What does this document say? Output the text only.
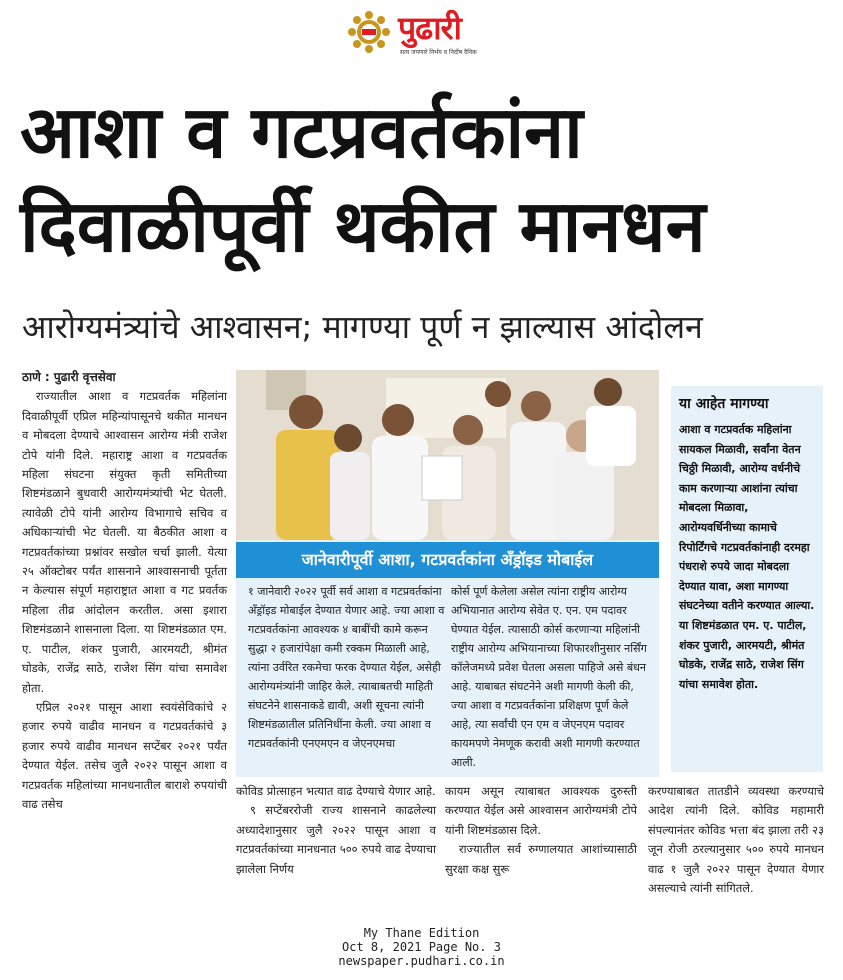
पुढारी
सत्य जपणारे निर्भय व निर्दोष दैनिक
आशा व गटप्रवर्तकांना
दिवाळीपूर्वी थकीत मानधन
आरोग्यमंत्र्यांचे आश्वासन; मागण्या पूर्ण न झाल्यास आंदोलन

ठाणे : पुढारी वृत्तसेवा

राज्यातील आशा व गटप्रवर्तक महिलांना दिवाळीपूर्वी एप्रिल महिन्यांपासूनचे थकीत मानधन व मोबदला देण्याचे आश्वासन आरोग्य मंत्री राजेश टोपे यांनी दिले. महाराष्ट्र आशा व गटप्रवर्तक महिला संघटना संयुक्त कृती समितीच्या शिष्टमंडळाने बुधवारी आरोग्यमंत्र्यांची भेट घेतली. त्यावेळी टोपे यांनी आरोग्य विभागाचे सचिव व अधिकाऱ्यांची भेट घेतली. या बैठकीत आशा व गटप्रवर्तकांच्या प्रश्नांवर सखोल चर्चा झाली. येत्या २५ ऑक्टोबर पर्यंत शासनाने आश्वासनाची पूर्तता न केल्यास संपूर्ण महाराष्ट्रात आशा व गट प्रवर्तक महिला तीव्र आंदोलन करतील. असा इशारा शिष्टमंडळाने शासनाला दिला. या शिष्टमंडळात एम. ए. पाटील, शंकर पुजारी, आरमयटी, श्रीमंत घोडके, राजेंद्र साठे, राजेश सिंग यांचा समावेश होता.

एप्रिल २०२१ पासून आशा स्वयंसेविकांचे २ हजार रुपये वाढीव मानधन व गटप्रवर्तकांचे ३ हजार रुपये वाढीव मानधन सप्टेंबर २०२१ पर्यंत देण्यात येईल. तसेच जुलै २०२२ पासून आशा व गटप्रवर्तक महिलांच्या मानधनातील बाराशे रुपयांची वाढ तसेच

जानेवारीपूर्वी आशा, गटप्रवर्तकांना अँड्रॉइड मोबाईल

१ जानेवारी २०२२ पूर्वी सर्व आशा व गटप्रवर्तकांना अँड्रॉइड मोबाईल देण्यात येणार आहे. ज्या आशा व गटप्रवर्तकांना आवश्यक ४ बाबींची कामे करून सुद्धा २ हजारांपेक्षा कमी रक्कम मिळाली आहे, त्यांना उर्वरित रकमेचा फरक देण्यात येईल, असेही आरोग्यमंत्र्यांनी जाहिर केले. त्याबाबतची माहिती संघटनेने शासनाकडे द्यावी, अशी सूचना त्यांनी शिष्टमंडळातील प्रतिनिधींना केली. ज्या आशा व गटप्रवर्तकांनी एनएमएन व जेएनएमचा

कोर्स पूर्ण केलेला असेल त्यांना राष्ट्रीय आरोग्य अभियानात आरोग्य सेवेत ए. एन. एम पदावर घेण्यात येईल. त्यासाठी कोर्स करणाऱ्या महिलांनी राष्ट्रीय आरोग्य अभियानाच्या शिफारशीनुसार नर्सिंग कॉलेजमध्ये प्रवेश घेतला असला पाहिजे असे बंधन आहे. याबाबत संघटनेने अशी मागणी केली की, ज्या आशा व गटप्रवर्तकांना प्रशिक्षण पूर्ण केले आहे, त्या सर्वांची एन एम व जेएनएम पदावर कायमपणे नेमणूक करावी अशी मागणी करण्यात आली.

या आहेत मागण्या
आशा व गटप्रवर्तक महिलांना सायकल मिळावी, सर्वांना वेतन चिठ्ठी मिळावी, आरोग्य वर्धनीचे काम करणाऱ्या आशांना त्यांचा मोबदला मिळावा, आरोग्यवर्धिनीच्या कामाचे रिपोर्टिंगचे गटप्रवर्तकांनाही दरमहा पंधराशे रुपये जादा मोबदला देण्यात यावा, अशा मागण्या संघटनेच्या वतीने करण्यात आल्या. या शिष्टमंडळात एम. ए. पाटील, शंकर पुजारी, आरमयटी, श्रीमंत घोडके, राजेंद्र साठे, राजेश सिंग यांचा समावेश होता.

कोविड प्रोत्साहन भत्यात वाढ देण्याचे येणार आहे.

९ सप्टेंबररोजी राज्य शासनाने काढलेल्या अध्यादेशानुसार जुलै २०२२ पासून आशा व गटप्रवर्तकांच्या मानधनात ५०० रुपये वाढ देण्याचा झालेला निर्णय

कायम असून त्याबाबत आवश्यक दुरुस्ती करण्यात येईल असे आश्वासन आरोग्यमंत्री टोपे यांनी शिष्टमंडळास दिले.

राज्यातील सर्व रुग्णालयात आशांच्यासाठी सुरक्षा कक्ष सुरू

करण्याबाबत तातडीने व्यवस्था करण्याचे आदेश त्यांनी दिले. कोविड महामारी संपल्यानंतर कोविड भत्ता बंद झाला तरी २३ जून रोजी ठरल्यानुसार ५०० रुपये मानधन वाढ १ जुलै २०२२ पासून देण्यात येणार असल्याचे त्यांनी सांगितले.

My Thane Edition
Oct 8, 2021 Page No. 3
newspaper.pudhari.co.in
